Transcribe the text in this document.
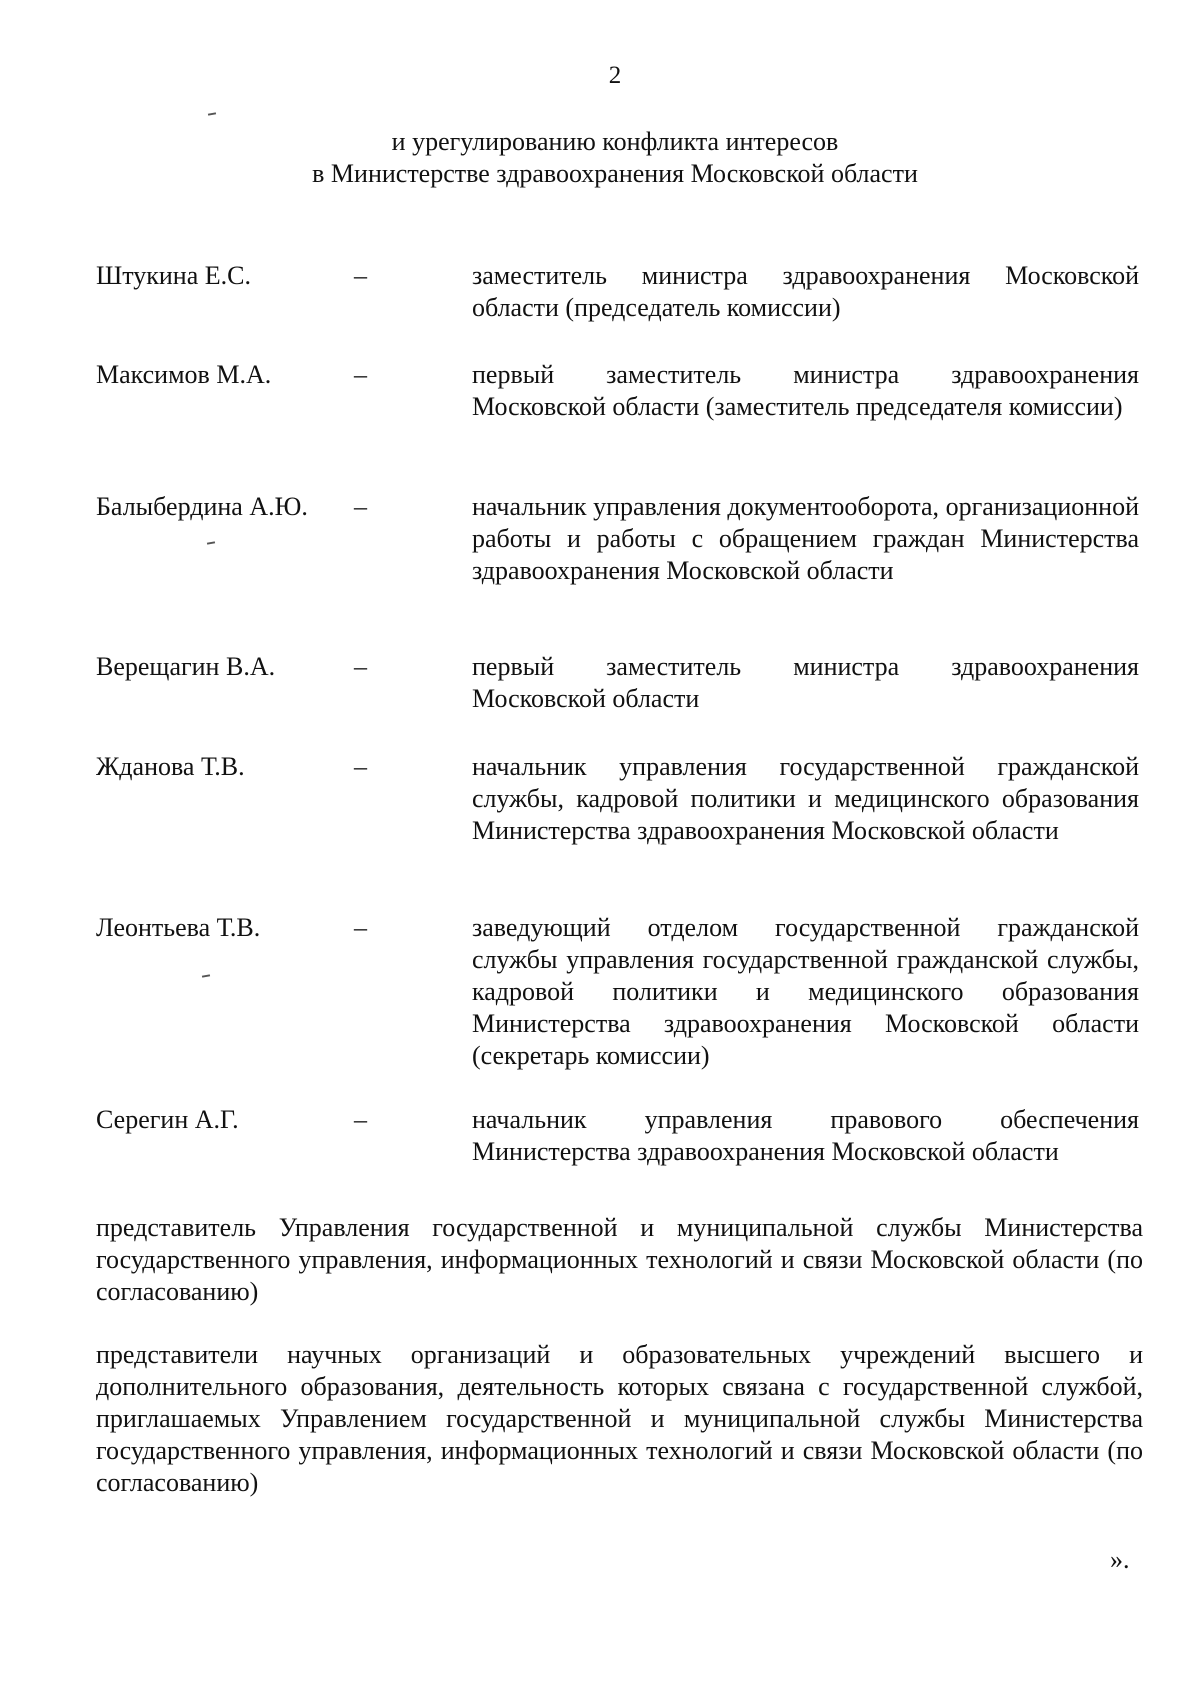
2
и урегулированию конфликта интересов
в Министерстве здравоохранения Московской области
Штукина Е.С.	–	заместитель министра здравоохранения Московской области (председатель комиссии)
Максимов М.А.	–	первый заместитель министра здравоохранения Московской области (заместитель председателя комиссии)
Балыбердина А.Ю. –	начальник управления документооборота, организационной работы и работы с обращением граждан Министерства здравоохранения Московской области
Верещагин В.А.	–	первый заместитель министра здравоохранения Московской области
Жданова Т.В.	–	начальник управления государственной гражданской службы, кадровой политики и медицинского образования Министерства здравоохранения Московской области
Леонтьева Т.В.	–	заведующий отделом государственной гражданской службы управления государственной гражданской службы, кадровой политики и медицинского образования Министерства здравоохранения Московской области (секретарь комиссии)
Серегин А.Г.	–	начальник управления правового обеспечения Министерства здравоохранения Московской области
представитель Управления государственной и муниципальной службы Министерства государственного управления, информационных технологий и связи Московской области (по согласованию)
представители научных организаций и образовательных учреждений высшего и дополнительного образования, деятельность которых связана с государственной службой, приглашаемых Управлением государственной и муниципальной службы Министерства государственного управления, информационных технологий и связи Московской области (по согласованию)
».
